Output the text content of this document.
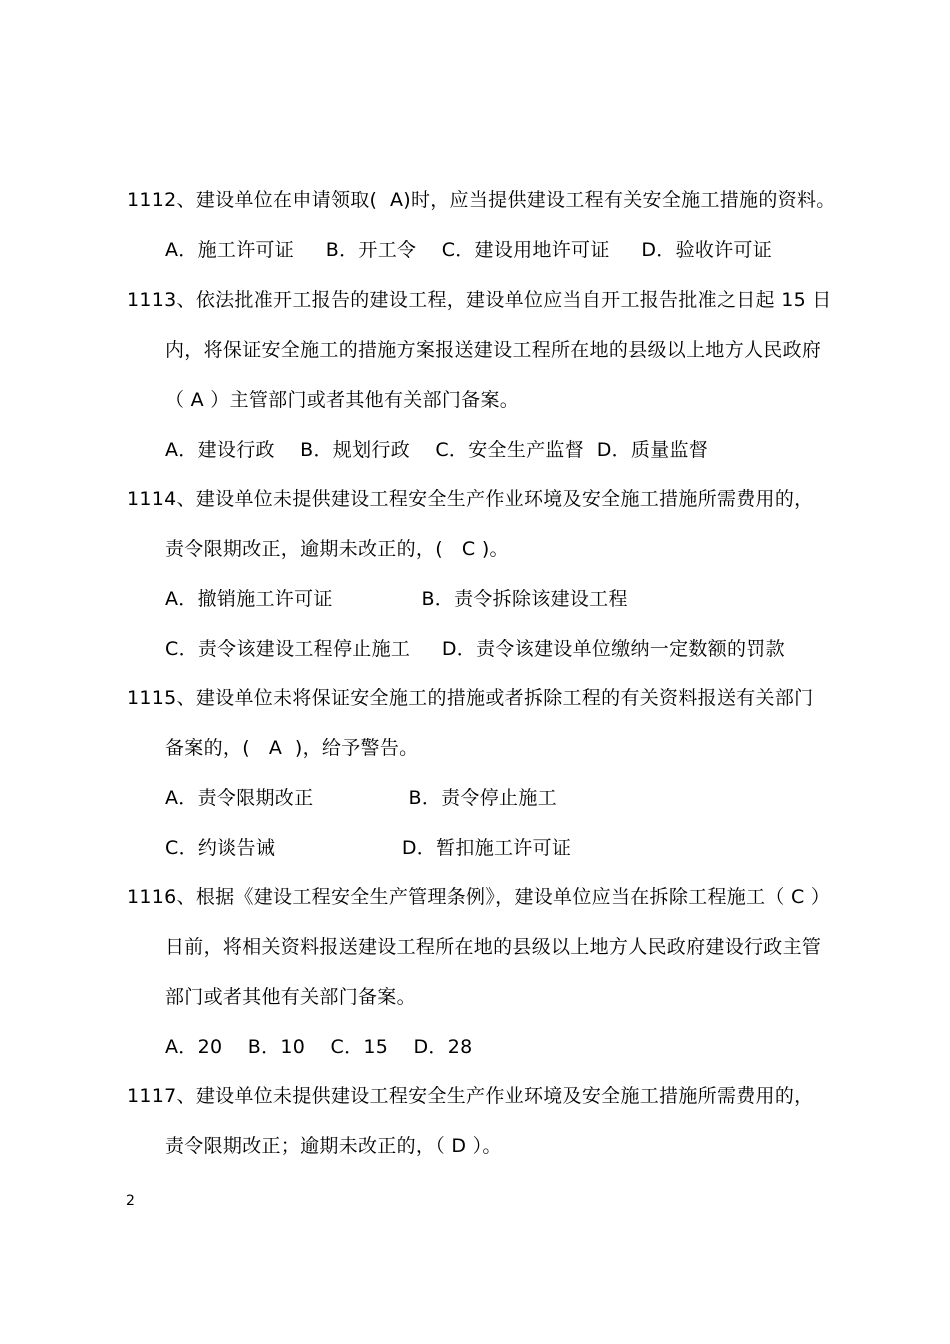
1112、建设单位在申请领取(  A)时，应当提供建设工程有关安全施工措施的资料。
A．施工许可证     B．开工令    C．建设用地许可证     D．验收许可证
1113、依法批准开工报告的建设工程，建设单位应当自开工报告批准之日起 15 日
内，将保证安全施工的措施方案报送建设工程所在地的县级以上地方人民政府
（ A ）主管部门或者其他有关部门备案。
A．建设行政    B．规划行政    C．安全生产监督  D．质量监督
1114、建设单位未提供建设工程安全生产作业环境及安全施工措施所需费用的，
责令限期改正，逾期未改正的，(   C )。
A．撤销施工许可证              B．责令拆除该建设工程
C．责令该建设工程停止施工     D．责令该建设单位缴纳一定数额的罚款
1115、建设单位未将保证安全施工的措施或者拆除工程的有关资料报送有关部门
备案的，(   A  )，给予警告。
A．责令限期改正               B．责令停止施工
C．约谈告诫                    D．暂扣施工许可证
1116、根据《建设工程安全生产管理条例》，建设单位应当在拆除工程施工（ C ）
日前，将相关资料报送建设工程所在地的县级以上地方人民政府建设行政主管
部门或者其他有关部门备案。
A．20    B．10    C．15    D．28
1117、建设单位未提供建设工程安全生产作业环境及安全施工措施所需费用的，
责令限期改正；逾期未改正的，（ D ）。
2
